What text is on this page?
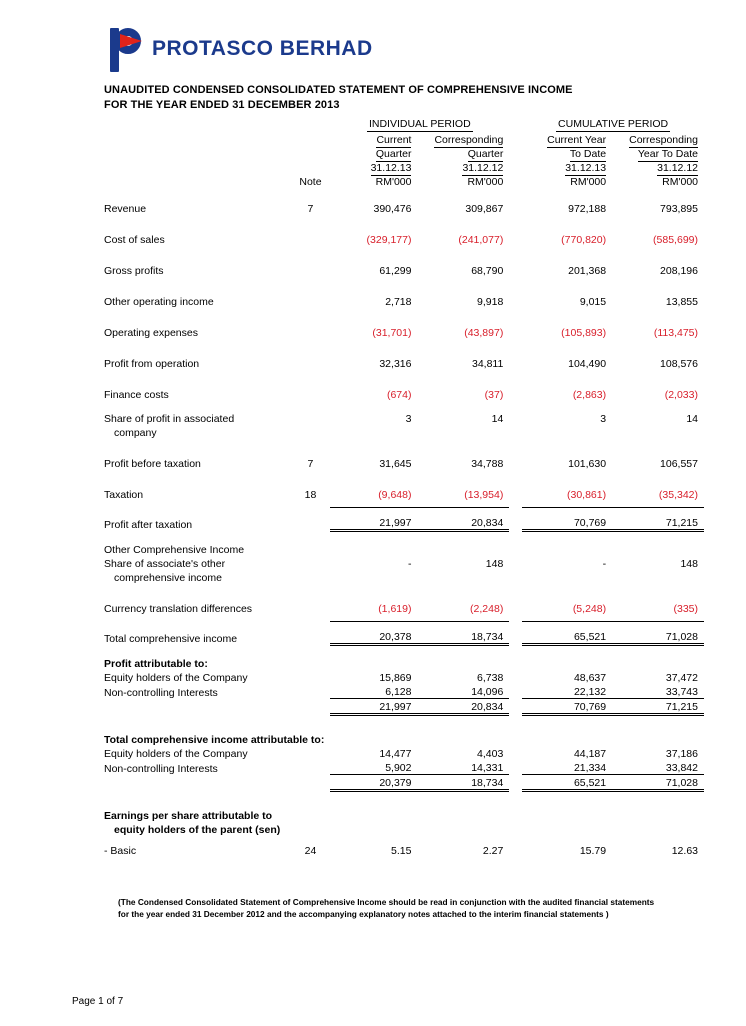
PROTASCO BERHAD
UNAUDITED CONDENSED CONSOLIDATED STATEMENT OF COMPREHENSIVE INCOME
FOR THE YEAR ENDED 31 DECEMBER 2013
		INDIVIDUAL PERIOD			CUMULATIVE PERIOD	
		Current	Corresponding		Current Year	Corresponding
		Quarter	Quarter		To Date	Year To Date
		31.12.13	31.12.12		31.12.13	31.12.12
	Note	RM'000	RM'000		RM'000	RM'000

Revenue	7	390,476	309,867		972,188	793,895

Cost of sales		(329,177)	(241,077)		(770,820)	(585,699)

Gross profits		61,299	68,790		201,368	208,196

Other operating income		2,718	9,918		9,015	13,855

Operating expenses		(31,701)	(43,897)		(105,893)	(113,475)

Profit from operation		32,316	34,811		104,490	108,576

Finance costs		(674)	(37)		(2,863)	(2,033)

Share of profit in associated		3	14		3	14
company						

Profit before taxation	7	31,645	34,788		101,630	106,557

Taxation	18	(9,648)	(13,954)		(30,861)	(35,342)

Profit after taxation		21,997	20,834		70,769	71,215

Other Comprehensive Income						
Share of associate's other		-	148		-	148
comprehensive income						

Currency translation differences		(1,619)	(2,248)		(5,248)	(335)

Total comprehensive income		20,378	18,734		65,521	71,028

Profit attributable to:						
Equity holders of the Company		15,869	6,738		48,637	37,472
Non-controlling Interests		6,128	14,096		22,132	33,743
		21,997	20,834		70,769	71,215

Total comprehensive income attributable to:						
Equity holders of the Company		14,477	4,403		44,187	37,186
Non-controlling Interests		5,902	14,331		21,334	33,842
		20,379	18,734		65,521	71,028

Earnings per share attributable to						
equity holders of the parent (sen)						
- Basic	24	5.15	2.27		15.79	12.63
(The Condensed Consolidated Statement of Comprehensive Income should be read in conjunction with the audited financial statements
for the year ended 31 December 2012 and the accompanying explanatory notes attached to the interim financial statements )
Page 1 of 7
